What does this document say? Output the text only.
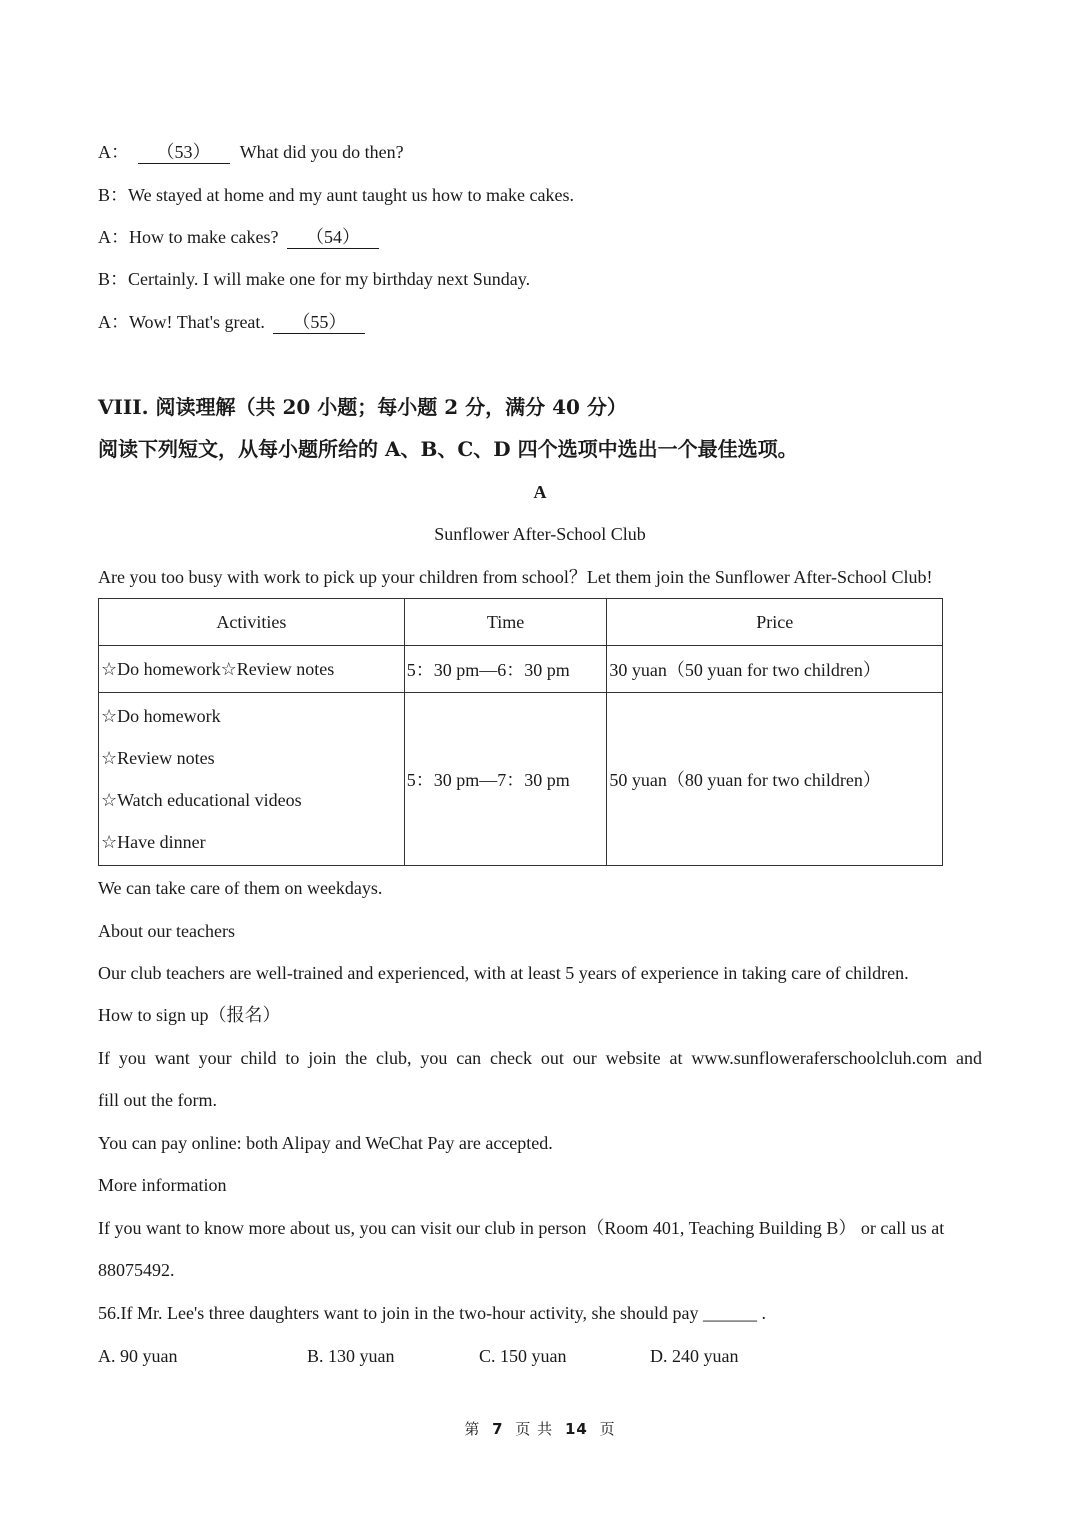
A： （53） What did you do then?
B：We stayed at home and my aunt taught us how to make cakes.
A：How to make cakes? （54）
B：Certainly. I will make one for my birthday next Sunday.
A：Wow! That's great. （55）
VIII. 阅读理解（共 20 小题；每小题 2 分，满分 40 分）
阅读下列短文，从每小题所给的 A、B、C、D 四个选项中选出一个最佳选项。
A
Sunflower After-School Club
Are you too busy with work to pick up your children from school？Let them join the Sunflower After-School Club!
Activities	Time	Price
☆Do homework☆Review notes	5：30 pm—6：30 pm	30 yuan（50 yuan for two children）

☆Do homework
☆Review notes
☆Watch educational videos
☆Have dinner	5：30 pm—7：30 pm	50 yuan（80 yuan for two children）
We can take care of them on weekdays.
About our teachers
Our club teachers are well-trained and experienced, with at least 5 years of experience in taking care of children.
How to sign up（报名）
If you want your child to join the club, you can check out our website at www.sunfloweraferschoolcluh.com and
fill out the form.
You can pay online: both Alipay and WeChat Pay are accepted.
More information
If you want to know more about us, you can visit our club in person（Room 401, Teaching Building B） or call us at
88075492.
56.If Mr. Lee's three daughters want to join in the two-hour activity, she should pay ______ .
A. 90 yuan	B. 130 yuan	C. 150 yuan	D. 240 yuan
第 7 页 共 14 页
